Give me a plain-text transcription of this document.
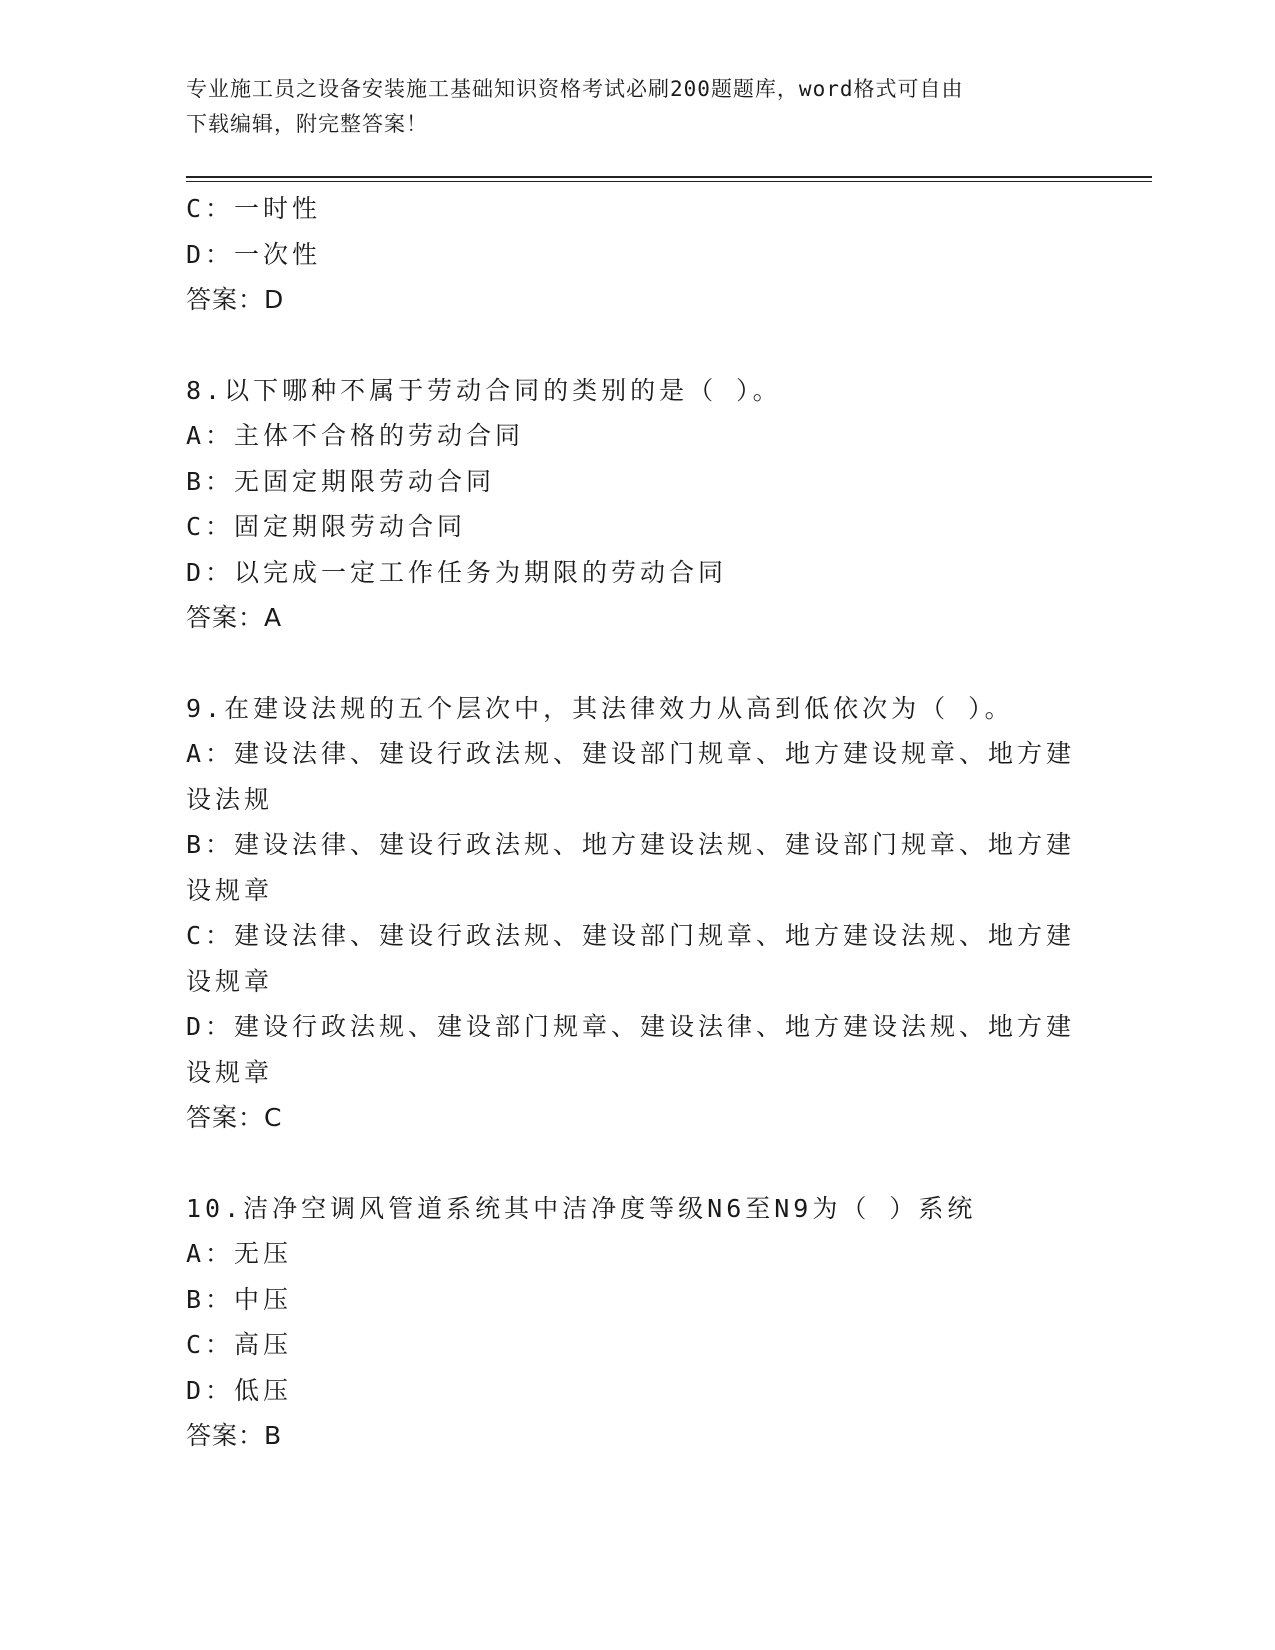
专业施工员之设备安装施工基础知识资格考试必刷200题题库，word格式可自由
下载编辑，附完整答案！
C：一时性
D：一次性
答案：D
8.以下哪种不属于劳动合同的类别的是（ ）。
A：主体不合格的劳动合同
B：无固定期限劳动合同
C：固定期限劳动合同
D：以完成一定工作任务为期限的劳动合同
答案：A
9.在建设法规的五个层次中，其法律效力从高到低依次为（ ）。
A：建设法律、建设行政法规、建设部门规章、地方建设规章、地方建
设法规
B：建设法律、建设行政法规、地方建设法规、建设部门规章、地方建
设规章
C：建设法律、建设行政法规、建设部门规章、地方建设法规、地方建
设规章
D：建设行政法规、建设部门规章、建设法律、地方建设法规、地方建
设规章
答案：C
10.洁净空调风管道系统其中洁净度等级N6至N9为（ ）系统
A：无压
B：中压
C：高压
D：低压
答案：B
